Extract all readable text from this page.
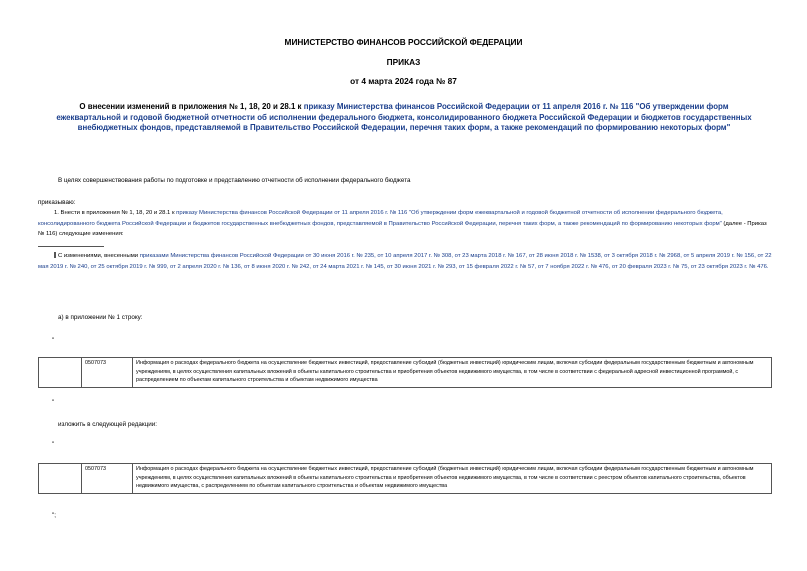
МИНИСТЕРСТВО ФИНАНСОВ РОССИЙСКОЙ ФЕДЕРАЦИИ
ПРИКАЗ
от 4 марта 2024 года № 87
О внесении изменений в приложения № 1, 18, 20 и 28.1 к приказу Министерства финансов Российской Федерации от 11 апреля 2016 г. № 116 "Об утверждении форм ежеквартальной и годовой бюджетной отчетности об исполнении федерального бюджета, консолидированного бюджета Российской Федерации и бюджетов государственных внебюджетных фондов, представляемой в Правительство Российской Федерации, перечня таких форм, а также рекомендаций по формированию некоторых форм"
В целях совершенствования работы по подготовке и представлению отчетности об исполнении федерального бюджета
приказываю:
1. Внести в приложения № 1, 18, 20 и 28.1 к приказу Министерства финансов Российской Федерации от 11 апреля 2016 г. № 116 "Об утверждении форм ежеквартальной и годовой бюджетной отчетности об исполнении федерального бюджета, консолидированного бюджета Российской Федерации и бюджетов государственных внебюджетных фондов, представляемой в Правительство Российской Федерации, перечня таких форм, а также рекомендаций по формированию некоторых форм" (далее - Приказ № 116) следующие изменения:
С изменениями, внесенными приказами Министерства финансов Российской Федерации от 30 июня 2016 г. № 235, от 10 апреля 2017 г. № 308, от 23 марта 2018 г. № 167, от 28 июня 2018 г. № 1538, от 3 октября 2018 г. № 2968, от 5 апреля 2019 г. № 156, от 22 мая 2019 г. № 240, от 25 октября 2019 г. № 999, от 2 апреля 2020 г. № 136, от 8 июня 2020 г. № 242, от 24 марта 2021 г. № 145, от 30 июня 2021 г. № 293, от 15 февраля 2022 г. № 57, от 7 ноября 2022 г. № 476, от 20 февраля 2023 г. № 75, от 23 октября 2023 г. № 476.
а) в приложении № 1 строку:
"
	0507073	Информация о расходах федерального бюджета на осуществление бюджетных инвестиций, предоставление субсидий (бюджетных инвестиций) юридическим лицам, включая субсидии федеральным государственным бюджетным и автономным учреждениям, в целях осуществления капитальных вложений в объекты капитального строительства и приобретения объектов недвижимого имущества, в том числе в соответствии с федеральной адресной инвестиционной программой, с распределением по объектам капитального строительства и объектам недвижимого имущества
"
изложить в следующей редакции:
"
	0507073	Информация о расходах федерального бюджета на осуществление бюджетных инвестиций, предоставление субсидий (бюджетных инвестиций) юридическим лицам, включая субсидии федеральным государственным бюджетным и автономным учреждениям, в целях осуществления капитальных вложений в объекты капитального строительства и приобретения объектов недвижимого имущества, в том числе в соответствии с реестром объектов капитального строительства, объектов недвижимого имущества, с распределением по объектам капитального строительства и объектам недвижимого имущества
";
